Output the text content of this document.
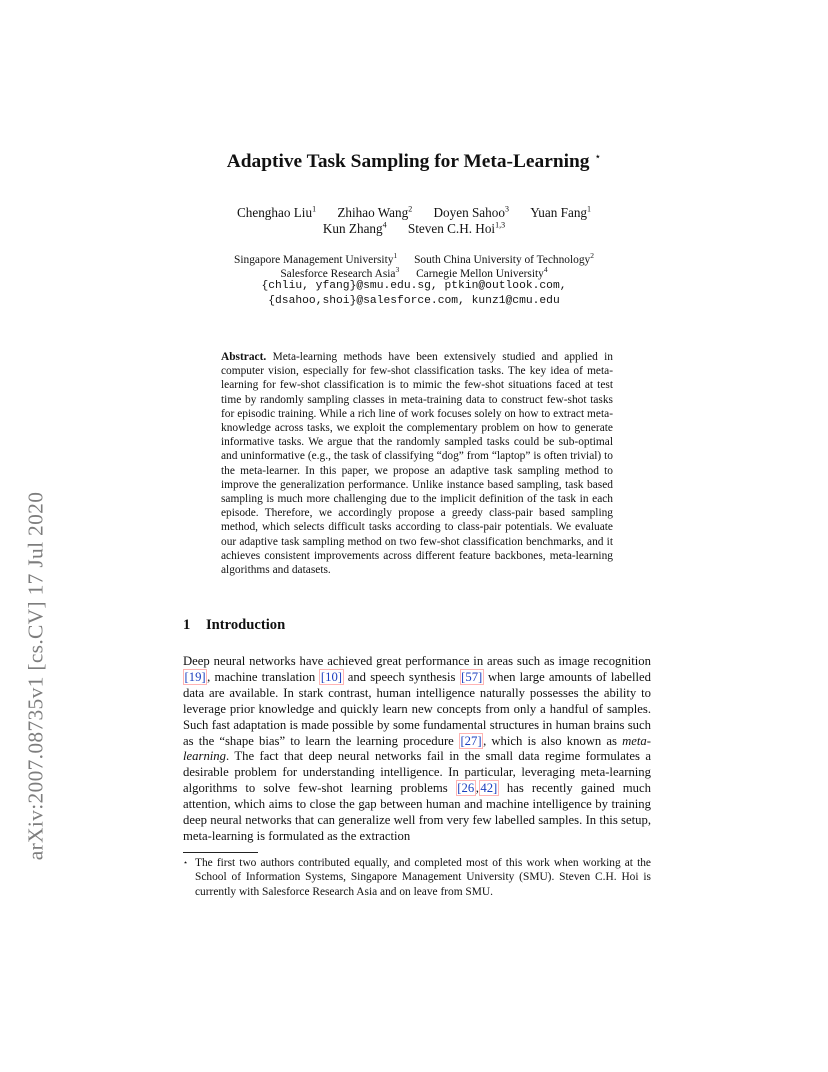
arXiv:2007.08735v1 [cs.CV] 17 Jul 2020
Adaptive Task Sampling for Meta-Learning ⋆
Chenghao Liu$^1$ Zhihao Wang$^2$ Doyen Sahoo$^3$ Yuan Fang$^1$
Kun Zhang$^4$ Steven C.H. Hoi$^{1,3}$
Singapore Management University$^1$ South China University of Technology$^2$
Salesforce Research Asia$^3$ Carnegie Mellon University$^4$
{chliu, yfang}@smu.edu.sg, ptkin@outlook.com,
{dsahoo,shoi}@salesforce.com, kunz1@cmu.edu
Abstract. Meta-learning methods have been extensively studied and applied in computer vision, especially for few-shot classification tasks. The key idea of meta-learning for few-shot classification is to mimic the few-shot situations faced at test time by randomly sampling classes in meta-training data to construct few-shot tasks for episodic training. While a rich line of work focuses solely on how to extract meta-knowledge across tasks, we exploit the complementary problem on how to generate informative tasks. We argue that the randomly sampled tasks could be sub-optimal and uninformative (e.g., the task of classifying “dog” from “laptop” is often trivial) to the meta-learner. In this paper, we propose an adaptive task sampling method to improve the generalization performance. Unlike instance based sampling, task based sampling is much more challenging due to the implicit definition of the task in each episode. Therefore, we accordingly propose a greedy class-pair based sampling method, which selects difficult tasks according to class-pair potentials. We evaluate our adaptive task sampling method on two few-shot classification benchmarks, and it achieves consistent improvements across different feature backbones, meta-learning algorithms and datasets.
1 Introduction
Deep neural networks have achieved great performance in areas such as image recognition [19] , machine translation [10] and speech synthesis [57] when large amounts of labelled data are available. In stark contrast, human intelligence naturally possesses the ability to leverage prior knowledge and quickly learn new concepts from only a handful of samples. Such fast adaptation is made possible by some fundamental structures in human brains such as the “shape bias” to learn the learning procedure [27] , which is also known as meta-learning. The fact that deep neural networks fail in the small data regime formulates a desirable problem for understanding intelligence. In particular, leveraging meta-learning algorithms to solve few-shot learning problems [26 , 42] has recently gained much attention, which aims to close the gap between human and machine intelligence by training deep neural networks that can generalize well from very few labelled samples. In this setup, meta-learning is formulated as the extraction
⋆ The first two authors contributed equally, and completed most of this work when working at the School of Information Systems, Singapore Management University (SMU). Steven C.H. Hoi is currently with Salesforce Research Asia and on leave from SMU.
